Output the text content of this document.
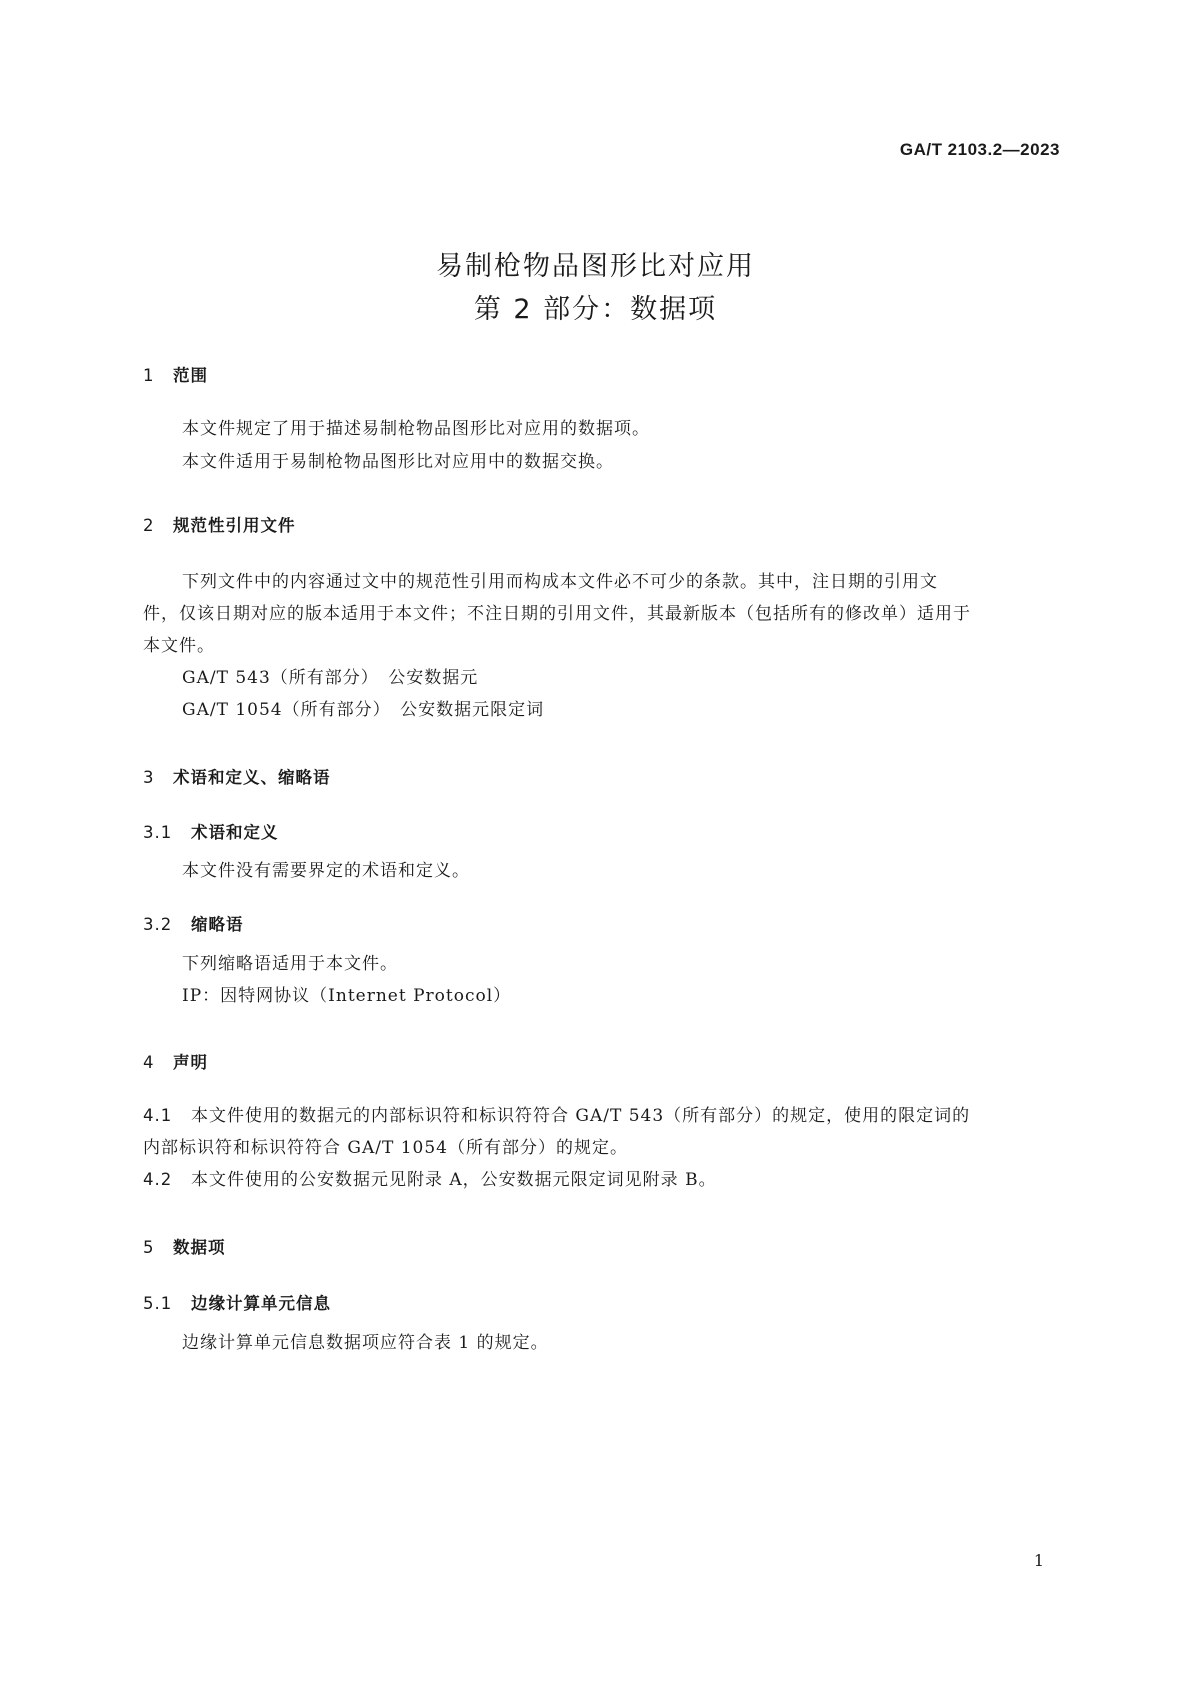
GA/T 2103.2—2023
易制枪物品图形比对应用
第 2 部分：数据项
1 范围
本文件规定了用于描述易制枪物品图形比对应用的数据项。
本文件适用于易制枪物品图形比对应用中的数据交换。
2 规范性引用文件
下列文件中的内容通过文中的规范性引用而构成本文件必不可少的条款。其中，注日期的引用文
件，仅该日期对应的版本适用于本文件；不注日期的引用文件，其最新版本（包括所有的修改单）适用于
本文件。
GA/T 543（所有部分）　公安数据元
GA/T 1054（所有部分）　公安数据元限定词
3 术语和定义、缩略语
3.1 术语和定义
本文件没有需要界定的术语和定义。
3.2 缩略语
下列缩略语适用于本文件。
IP：因特网协议（Internet Protocol）
4 声明
4.1 本文件使用的数据元的内部标识符和标识符符合 GA/T 543（所有部分）的规定，使用的限定词的
内部标识符和标识符符合 GA/T 1054（所有部分）的规定。
4.2 本文件使用的公安数据元见附录 A，公安数据元限定词见附录 B。
5 数据项
5.1 边缘计算单元信息
边缘计算单元信息数据项应符合表 1 的规定。
1
